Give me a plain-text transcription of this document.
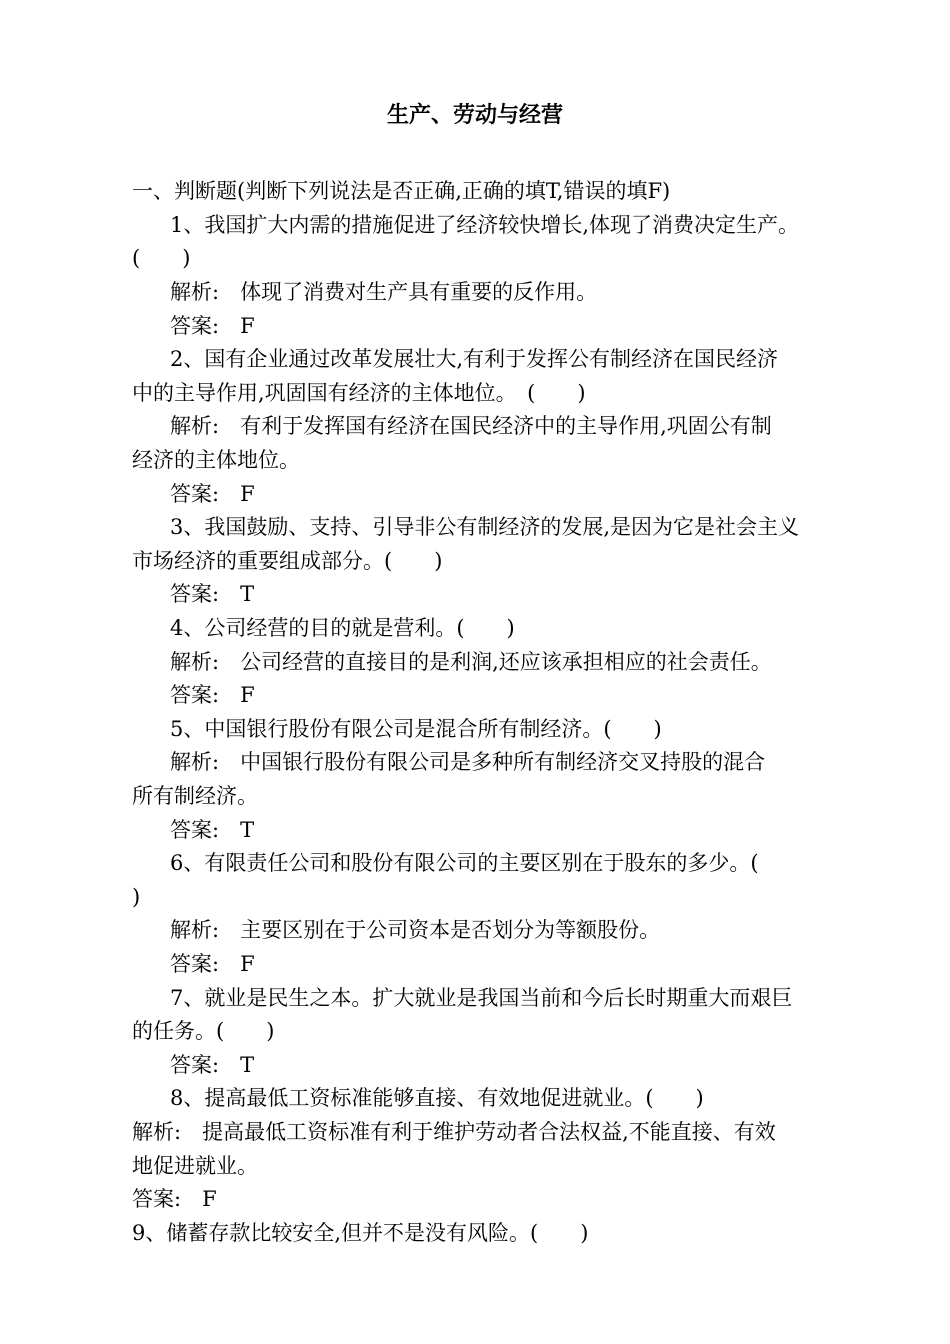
生产、劳动与经营
一、判断题(判断下列说法是否正确,正确的填T,错误的填F)
1、我国扩大内需的措施促进了经济较快增长,体现了消费决定生产。
(　　)
解析:　体现了消费对生产具有重要的反作用。
答案:　F
2、国有企业通过改革发展壮大,有利于发挥公有制经济在国民经济
中的主导作用,巩固国有经济的主体地位。　(　　)
解析:　有利于发挥国有经济在国民经济中的主导作用,巩固公有制
经济的主体地位。
答案:　F
3、我国鼓励、支持、引导非公有制经济的发展,是因为它是社会主义
市场经济的重要组成部分。(　　)
答案:　T
4、公司经营的目的就是营利。(　　)
解析:　公司经营的直接目的是利润,还应该承担相应的社会责任。
答案:　F
5、中国银行股份有限公司是混合所有制经济。(　　)
解析:　中国银行股份有限公司是多种所有制经济交叉持股的混合
所有制经济。
答案:　T
6、有限责任公司和股份有限公司的主要区别在于股东的多少。(
)
解析:　主要区别在于公司资本是否划分为等额股份。
答案:　F
7、就业是民生之本。扩大就业是我国当前和今后长时期重大而艰巨
的任务。(　　)
答案:　T
8、提高最低工资标准能够直接、有效地促进就业。(　　)
解析:　提高最低工资标准有利于维护劳动者合法权益,不能直接、有效
地促进就业。
答案:　F
9、储蓄存款比较安全,但并不是没有风险。(　　)
